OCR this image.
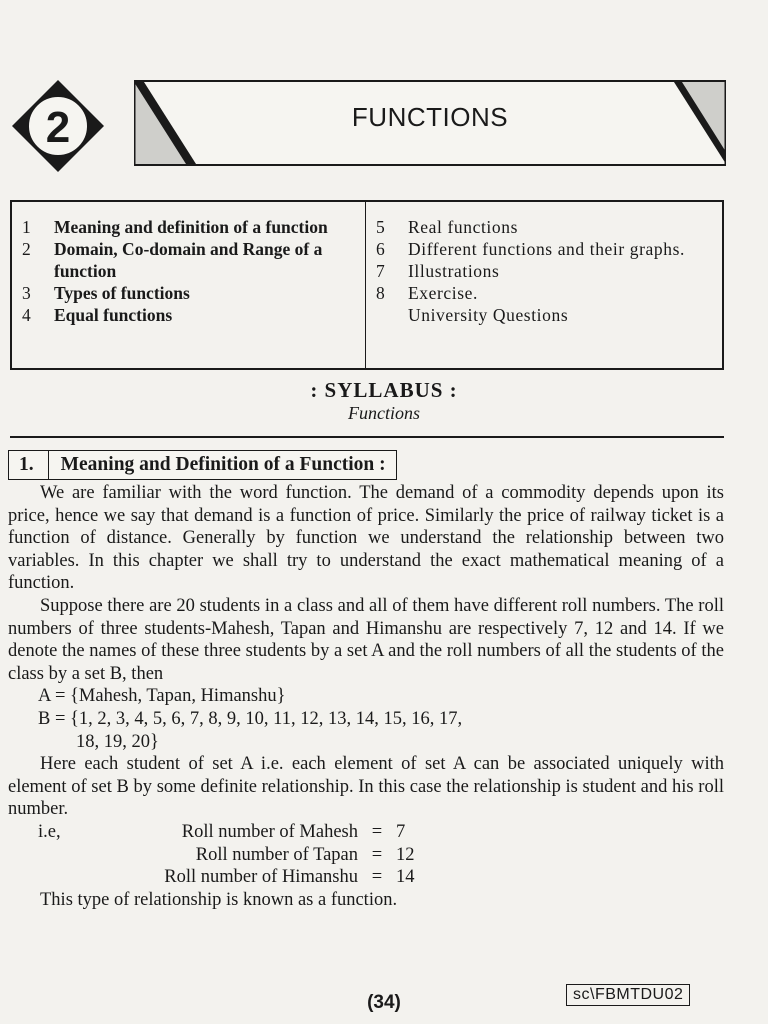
2	FUNCTIONS
1	Meaning and definition of a function
2	Domain, Co-domain and Range of a function
3	Types of functions
4	Equal functions
5	Real functions
6	Different functions and their graphs.
7	Illustrations
8	Exercise.
University Questions
: SYLLABUS :
Functions
1.	Meaning and Definition of a Function :

We are familiar with the word function. The demand of a commodity depends upon its price, hence we say that demand is a function of price. Similarly the price of railway ticket is a function of distance. Generally by function we understand the relationship between two variables. In this chapter we shall try to understand the exact mathematical meaning of a function.

Suppose there are 20 students in a class and all of them have different roll numbers. The roll numbers of three students-Mahesh, Tapan and Himanshu are respectively 7, 12 and 14. If we denote the names of these three students by a set A and the roll numbers of all the students of the class by a set B, then

A = {Mahesh, Tapan, Himanshu}
B = {1, 2, 3, 4, 5, 6, 7, 8, 9, 10, 11, 12, 13, 14, 15, 16, 17,
18, 19, 20}

Here each student of set A i.e. each element of set A can be associated uniquely with element of set B by some definite relationship. In this case the relationship is student and his roll number.

i.e,	Roll number of Mahesh = 7
Roll number of Tapan = 12
Roll number of Himanshu = 14

This type of relationship is known as a function.

(34)	sc\FBMTDU02
